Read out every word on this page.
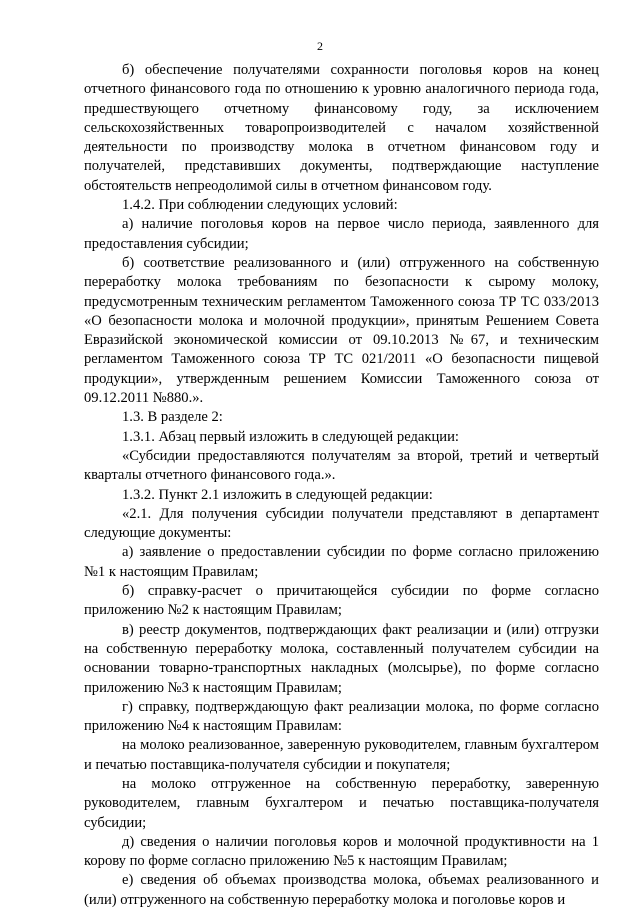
2

б) обеспечение получателями сохранности поголовья коров на конец отчетного финансового года по отношению к уровню аналогичного периода года, предшествующего отчетному финансовому году, за исключением сельскохозяйственных товаропроизводителей с началом хозяйственной деятельности по производству молока в отчетном финансовом году и получателей, представивших документы, подтверждающие наступление обстоятельств непреодолимой силы в отчетном финансовом году.

1.4.2. При соблюдении следующих условий:

а) наличие поголовья коров на первое число периода, заявленного для предоставления субсидии;

б) соответствие реализованного и (или) отгруженного на собственную переработку молока требованиям по безопасности к сырому молоку, предусмотренным техническим регламентом Таможенного союза ТР ТС 033/2013 «О безопасности молока и молочной продукции», принятым Решением Совета Евразийской экономической комиссии от 09.10.2013 №67, и техническим регламентом Таможенного союза ТР ТС 021/2011 «О безопасности пищевой продукции», утвержденным решением Комиссии Таможенного союза от 09.12.2011 №880.».

1.3. В разделе 2:

1.3.1. Абзац первый изложить в следующей редакции:

«Субсидии предоставляются получателям за второй, третий и четвертый кварталы отчетного финансового года.».

1.3.2. Пункт 2.1 изложить в следующей редакции:

«2.1. Для получения субсидии получатели представляют в департамент следующие документы:

а) заявление о предоставлении субсидии по форме согласно приложению №1 к настоящим Правилам;

б) справку-расчет о причитающейся субсидии по форме согласно приложению №2 к настоящим Правилам;

в) реестр документов, подтверждающих факт реализации и (или) отгрузки на собственную переработку молока, составленный получателем субсидии на основании товарно-транспортных накладных (молсырье), по форме согласно приложению №3 к настоящим Правилам;

г) справку, подтверждающую факт реализации молока, по форме согласно приложению №4 к настоящим Правилам:

на молоко реализованное, заверенную руководителем, главным бухгалтером и печатью поставщика-получателя субсидии и покупателя;

на молоко отгруженное на собственную переработку, заверенную руководителем, главным бухгалтером и печатью поставщика-получателя субсидии;

д) сведения о наличии поголовья коров и молочной продуктивности на 1 корову по форме согласно приложению №5 к настоящим Правилам;

е) сведения об объемах производства молока, объемах реализованного и (или) отгруженного на собственную переработку молока и поголовье коров и
